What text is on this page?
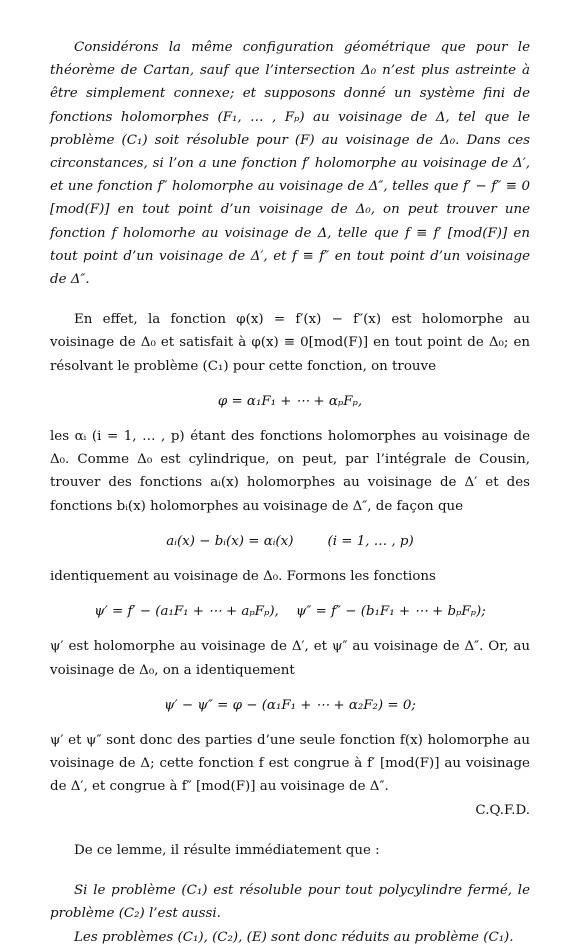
Considérons la même configuration géométrique que pour le théorème de Cartan, sauf que l’intersection Δ₀ n’est plus astreinte à être simplement connexe; et supposons donné un système fini de fonctions holomorphes (F₁, … , Fₚ) au voisinage de Δ, tel que le problème (C₁) soit résoluble pour (F) au voisinage de Δ₀. Dans ces circonstances, si l’on a une fonction f′ holomorphe au voisinage de Δ′, et une fonction f″ holomorphe au voisinage de Δ″, telles que f′ − f″ ≡ 0 [mod(F)] en tout point d’un voisinage de Δ₀, on peut trouver une fonction f holomorhe au voisinage de Δ, telle que f ≡ f′ [mod(F)] en tout point d’un voisinage de Δ′, et f ≡ f″ en tout point d’un voisinage de Δ″.

En effet, la fonction φ(x) = f′(x) − f″(x) est holomorphe au voisinage de Δ₀ et satisfait à φ(x) ≡ 0[mod(F)] en tout point de Δ₀; en résolvant le problème (C₁) pour cette fonction, on trouve

φ = α₁F₁ + ⋯ + αₚFₚ,

les αᵢ (i = 1, … , p) étant des fonctions holomorphes au voisinage de Δ₀. Comme Δ₀ est cylindrique, on peut, par l’intégrale de Cousin, trouver des fonctions aᵢ(x) holomorphes au voisinage de Δ′ et des fonctions bᵢ(x) holomorphes au voisinage de Δ″, de façon que

aᵢ(x) − bᵢ(x) = αᵢ(x)        (i = 1, … , p)

identiquement au voisinage de Δ₀. Formons les fonctions

ψ′ = f′ − (a₁F₁ + ⋯ + aₚFₚ),    ψ″ = f″ − (b₁F₁ + ⋯ + bₚFₚ);

ψ′ est holomorphe au voisinage de Δ′, et ψ″ au voisinage de Δ″. Or, au voisinage de Δ₀, on a identiquement

ψ′ − ψ″ = φ − (α₁F₁ + ⋯ + α₂F₂) = 0;

ψ′ et ψ″ sont donc des parties d’une seule fonction f(x) holomorphe au voisinage de Δ; cette fonction f est congrue à f′ [mod(F)] au voisinage de Δ′, et congrue à f″ [mod(F)] au voisinage de Δ″.

C.Q.F.D.

De ce lemme, il résulte immédiatement que :

Si le problème (C₁) est résoluble pour tout polycylindre fermé, le problème (C₂) l’est aussi.

Les problèmes (C₁), (C₂), (E) sont donc réduits au problème (C₁).
